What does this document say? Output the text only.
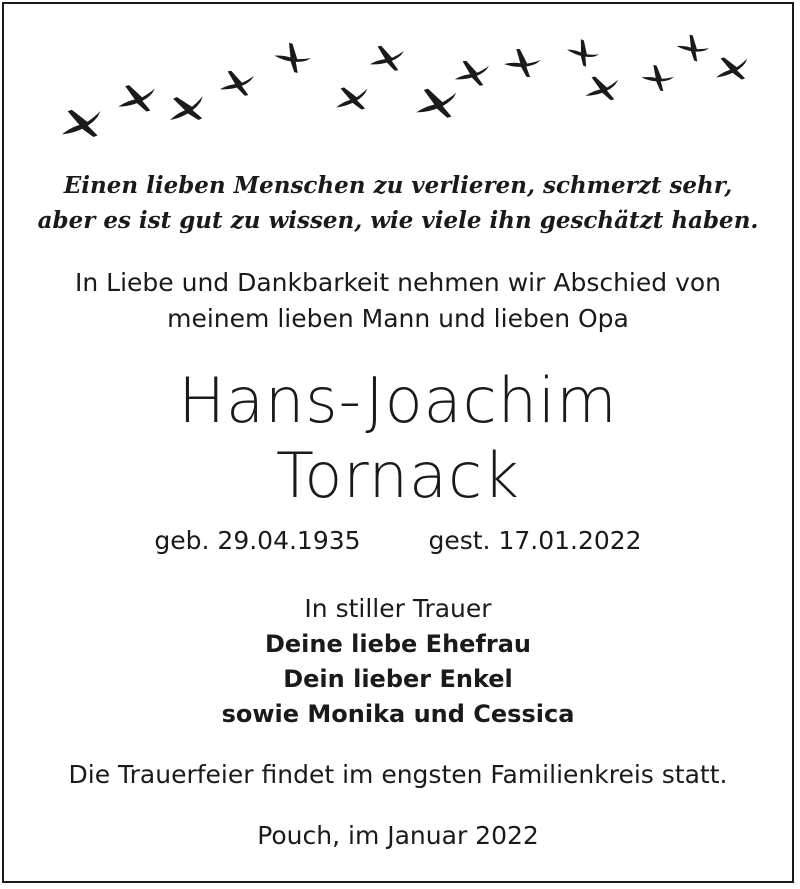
Einen lieben Menschen zu verlieren, schmerzt sehr,
aber es ist gut zu wissen, wie viele ihn geschätzt haben.
In Liebe und Dankbarkeit nehmen wir Abschied von
meinem lieben Mann und lieben Opa
Hans-Joachim
Tornack
geb. 29.04.1935	gest. 17.01.2022
In stiller Trauer
Deine liebe Ehefrau
Dein lieber Enkel
sowie Monika und Cessica
Die Trauerfeier findet im engsten Familienkreis statt.
Pouch, im Januar 2022
